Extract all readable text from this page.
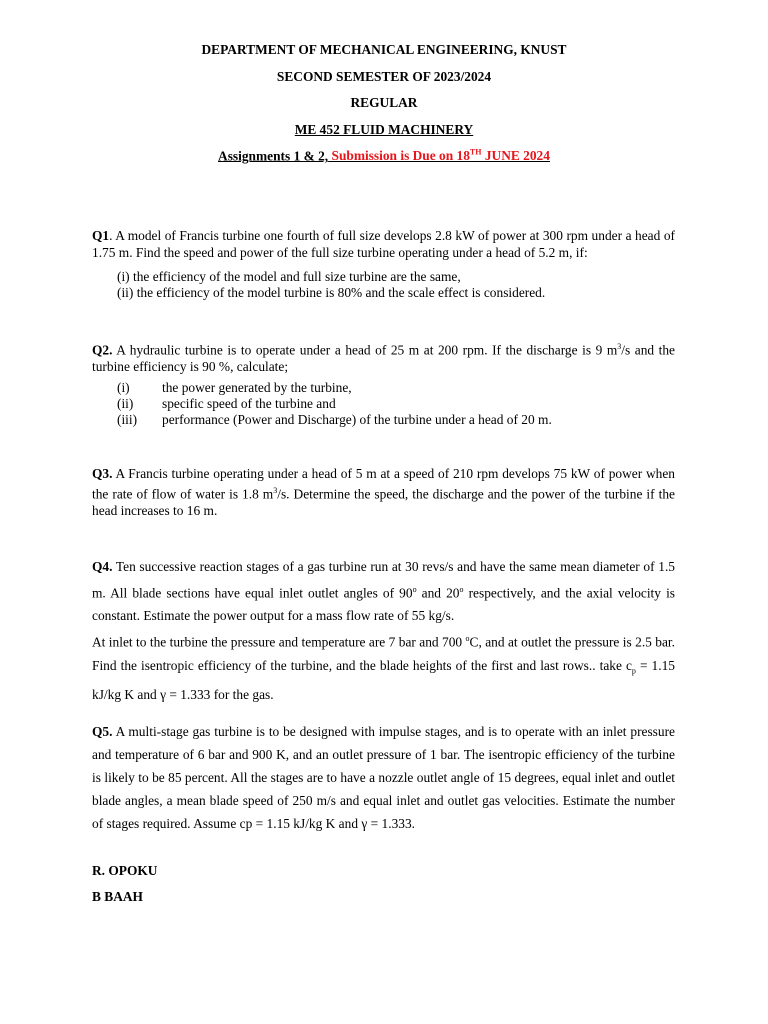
DEPARTMENT OF MECHANICAL ENGINEERING, KNUST
SECOND SEMESTER OF 2023/2024
REGULAR
ME 452 FLUID MACHINERY
Assignments 1 & 2, Submission is Due on 18TH JUNE 2024
Q1. A model of Francis turbine one fourth of full size develops 2.8 kW of power at 300 rpm under a head of 1.75 m. Find the speed and power of the full size turbine operating under a head of 5.2 m, if:
(i) the efficiency of the model and full size turbine are the same,
(ii) the efficiency of the model turbine is 80% and the scale effect is considered.
Q2. A hydraulic turbine is to operate under a head of 25 m at 200 rpm. If the discharge is 9 $m^3/s$ and the turbine efficiency is 90 %, calculate;
(i) the power generated by the turbine,
(ii) specific speed of the turbine and
(iii) performance (Power and Discharge) of the turbine under a head of 20 m.
Q3. A Francis turbine operating under a head of 5 m at a speed of 210 rpm develops 75 kW of power when the rate of flow of water is 1.8 $m^3/s$. Determine the speed, the discharge and the power of the turbine if the head increases to 16 m.
Q4. Ten successive reaction stages of a gas turbine run at 30 revs/s and have the same mean diameter of 1.5 m. All blade sections have equal inlet outlet angles of 90$^o$ and 20$^o$ respectively, and the axial velocity is constant. Estimate the power output for a mass flow rate of 55 kg/s.
At inlet to the turbine the pressure and temperature are 7 bar and 700 $^o$C, and at outlet the pressure is 2.5 bar. Find the isentropic efficiency of the turbine, and the blade heights of the first and last rows.. take $c_p = 1.15$ kJ/kg K and γ = 1.333 for the gas.
Q5. A multi-stage gas turbine is to be designed with impulse stages, and is to operate with an inlet pressure and temperature of 6 bar and 900 K, and an outlet pressure of 1 bar. The isentropic efficiency of the turbine is likely to be 85 percent. All the stages are to have a nozzle outlet angle of 15 degrees, equal inlet and outlet blade angles, a mean blade speed of 250 m/s and equal inlet and outlet gas velocities. Estimate the number of stages required. Assume cp = 1.15 kJ/kg K and γ = 1.333.
R. OPOKU
B BAAH
